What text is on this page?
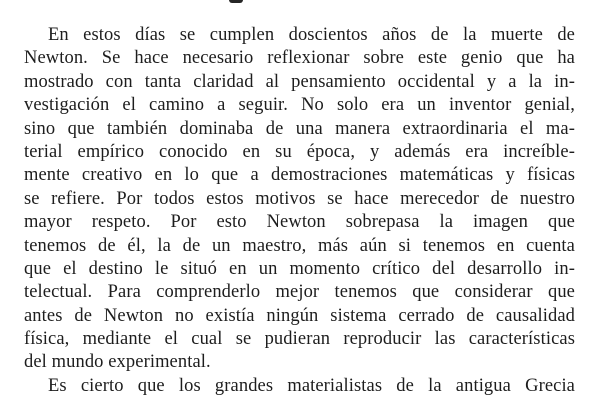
En estos días se cumplen doscientos años de la muerte de
Newton. Se hace necesario reflexionar sobre este genio que ha
mostrado con tanta claridad al pensamiento occidental y a la in-
vestigación el camino a seguir. No solo era un inventor genial,
sino que también dominaba de una manera extraordinaria el ma-
terial empírico conocido en su época, y además era increíble-
mente creativo en lo que a demostraciones matemáticas y físicas
se refiere. Por todos estos motivos se hace merecedor de nuestro
mayor respeto. Por esto Newton sobrepasa la imagen que
tenemos de él, la de un maestro, más aún si tenemos en cuenta
que el destino le situó en un momento crítico del desarrollo in-
telectual. Para comprenderlo mejor tenemos que considerar que
antes de Newton no existía ningún sistema cerrado de causalidad
física, mediante el cual se pudieran reproducir las características
del mundo experimental.
Es cierto que los grandes materialistas de la antigua Grecia
